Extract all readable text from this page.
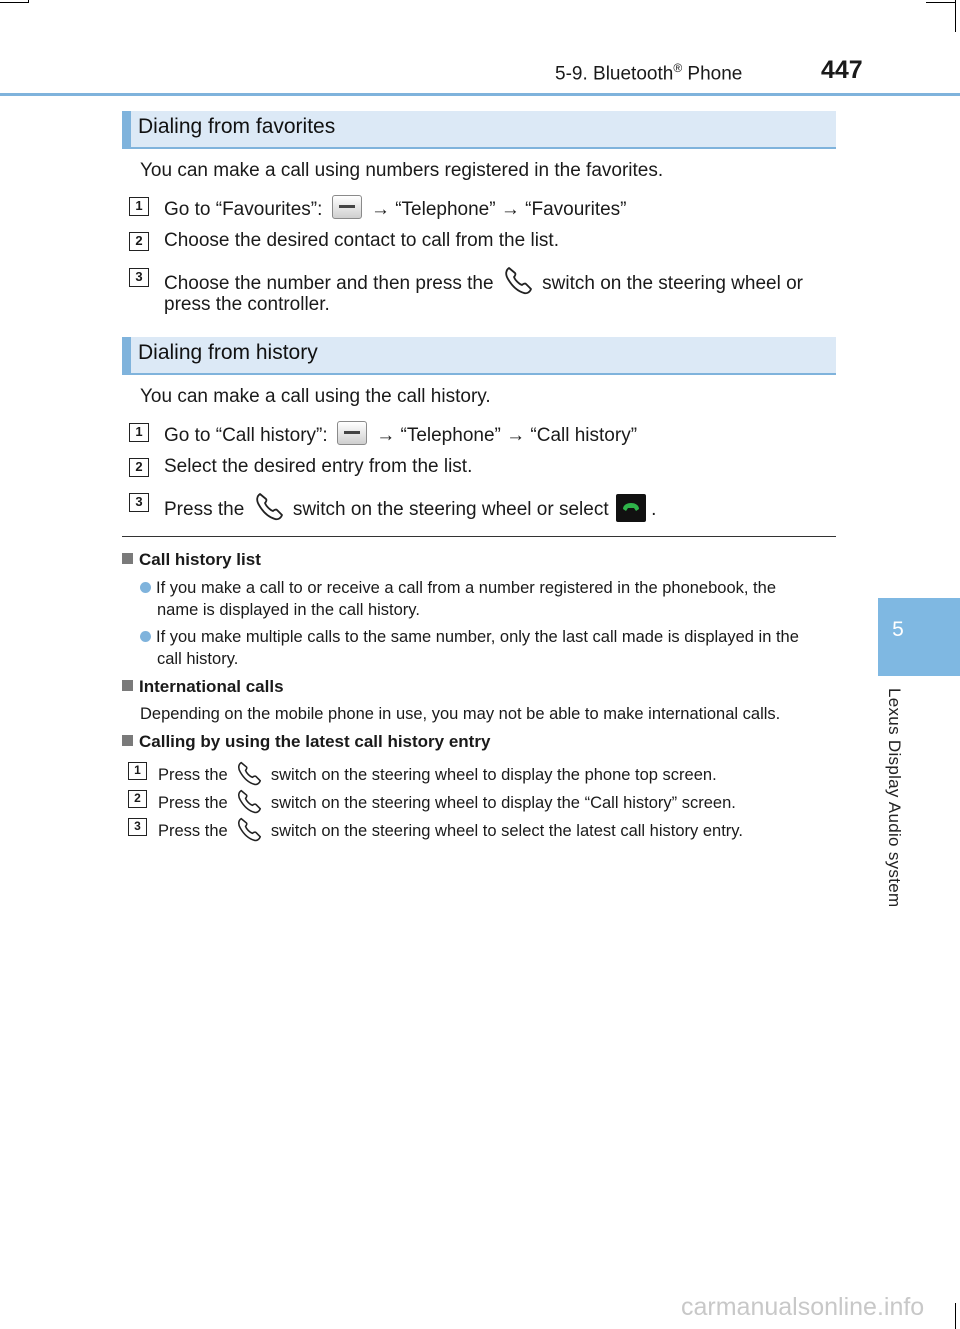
5-9. Bluetooth® Phone	447
5
Lexus Display Audio system
Dialing from favorites
You can make a call using numbers registered in the favorites.
1	Go to “Favourites”:	→ “Telephone” → “Favourites”
2	Choose the desired contact to call from the list.
3	Choose the number and then press the	switch on the steering wheel or
press the controller.
Dialing from history
You can make a call using the call history.
1	Go to “Call history”:	→ “Telephone” → “Call history”
2	Select the desired entry from the list.
3	Press the	switch on the steering wheel or select .
Call history list
If you make a call to or receive a call from a number registered in the phonebook, the
name is displayed in the call history.
If you make multiple calls to the same number, only the last call made is displayed in the
call history.
International calls
Depending on the mobile phone in use, you may not be able to make international calls.
Calling by using the latest call history entry
1	Press the	switch on the steering wheel to display the phone top screen.
2	Press the	switch on the steering wheel to display the “Call history” screen.
3	Press the	switch on the steering wheel to select the latest call history entry.
carmanualsonline.info
